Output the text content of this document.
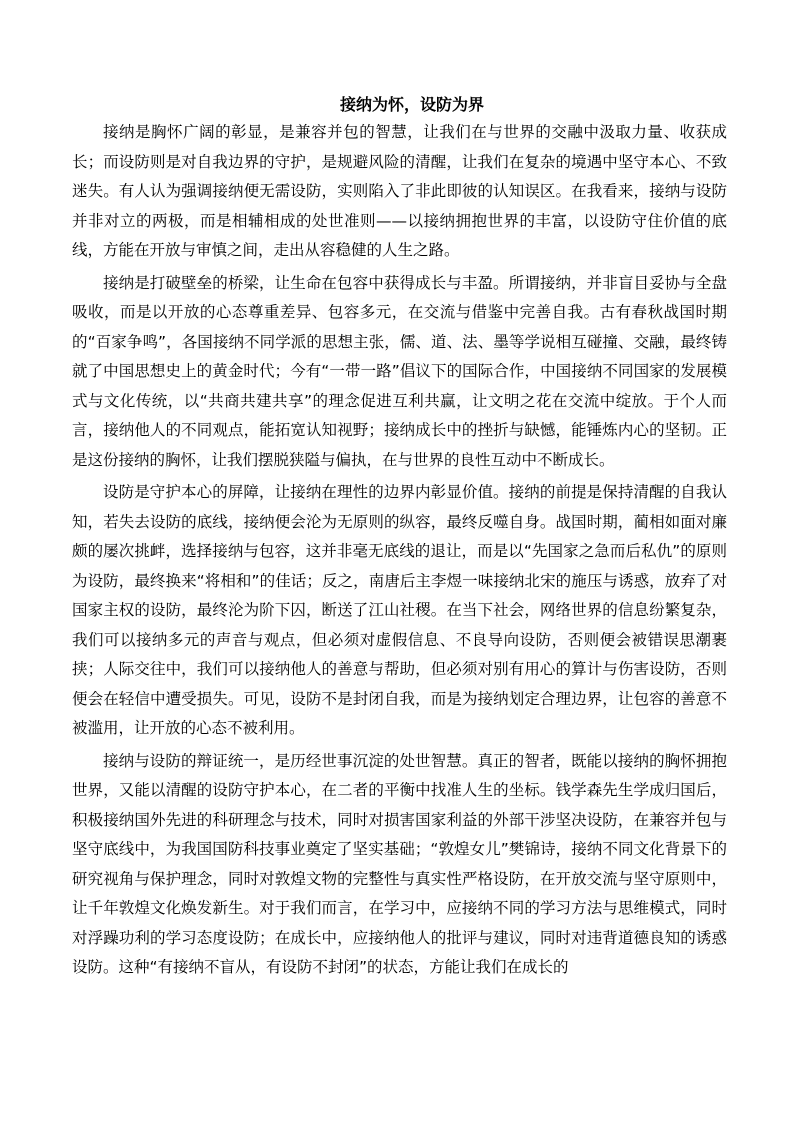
接纳为怀，设防为界

接纳是胸怀广阔的彰显，是兼容并包的智慧，让我们在与世界的交融中汲取力量、收获成长；而设防则是对自我边界的守护，是规避风险的清醒，让我们在复杂的境遇中坚守本心、不致迷失。有人认为强调接纳便无需设防，实则陷入了非此即彼的认知误区。在我看来，接纳与设防并非对立的两极，而是相辅相成的处世准则——以接纳拥抱世界的丰富，以设防守住价值的底线，方能在开放与审慎之间，走出从容稳健的人生之路。

接纳是打破壁垒的桥梁，让生命在包容中获得成长与丰盈。所谓接纳，并非盲目妥协与全盘吸收，而是以开放的心态尊重差异、包容多元，在交流与借鉴中完善自我。古有春秋战国时期的“百家争鸣”，各国接纳不同学派的思想主张，儒、道、法、墨等学说相互碰撞、交融，最终铸就了中国思想史上的黄金时代；今有“一带一路”倡议下的国际合作，中国接纳不同国家的发展模式与文化传统，以“共商共建共享”的理念促进互利共赢，让文明之花在交流中绽放。于个人而言，接纳他人的不同观点，能拓宽认知视野；接纳成长中的挫折与缺憾，能锤炼内心的坚韧。正是这份接纳的胸怀，让我们摆脱狭隘与偏执，在与世界的良性互动中不断成长。

设防是守护本心的屏障，让接纳在理性的边界内彰显价值。接纳的前提是保持清醒的自我认知，若失去设防的底线，接纳便会沦为无原则的纵容，最终反噬自身。战国时期，蔺相如面对廉颇的屡次挑衅，选择接纳与包容，这并非毫无底线的退让，而是以“先国家之急而后私仇”的原则为设防，最终换来“将相和”的佳话；反之，南唐后主李煜一味接纳北宋的施压与诱惑，放弃了对国家主权的设防，最终沦为阶下囚，断送了江山社稷。在当下社会，网络世界的信息纷繁复杂，我们可以接纳多元的声音与观点，但必须对虚假信息、不良导向设防，否则便会被错误思潮裹挟；人际交往中，我们可以接纳他人的善意与帮助，但必须对别有用心的算计与伤害设防，否则便会在轻信中遭受损失。可见，设防不是封闭自我，而是为接纳划定合理边界，让包容的善意不被滥用，让开放的心态不被利用。

接纳与设防的辩证统一，是历经世事沉淀的处世智慧。真正的智者，既能以接纳的胸怀拥抱世界，又能以清醒的设防守护本心，在二者的平衡中找准人生的坐标。钱学森先生学成归国后，积极接纳国外先进的科研理念与技术，同时对损害国家利益的外部干涉坚决设防，在兼容并包与坚守底线中，为我国国防科技事业奠定了坚实基础；“敦煌女儿”樊锦诗，接纳不同文化背景下的研究视角与保护理念，同时对敦煌文物的完整性与真实性严格设防，在开放交流与坚守原则中，让千年敦煌文化焕发新生。对于我们而言，在学习中，应接纳不同的学习方法与思维模式，同时对浮躁功利的学习态度设防；在成长中，应接纳他人的批评与建议，同时对违背道德良知的诱惑设防。这种“有接纳不盲从，有设防不封闭”的状态，方能让我们在成长的
